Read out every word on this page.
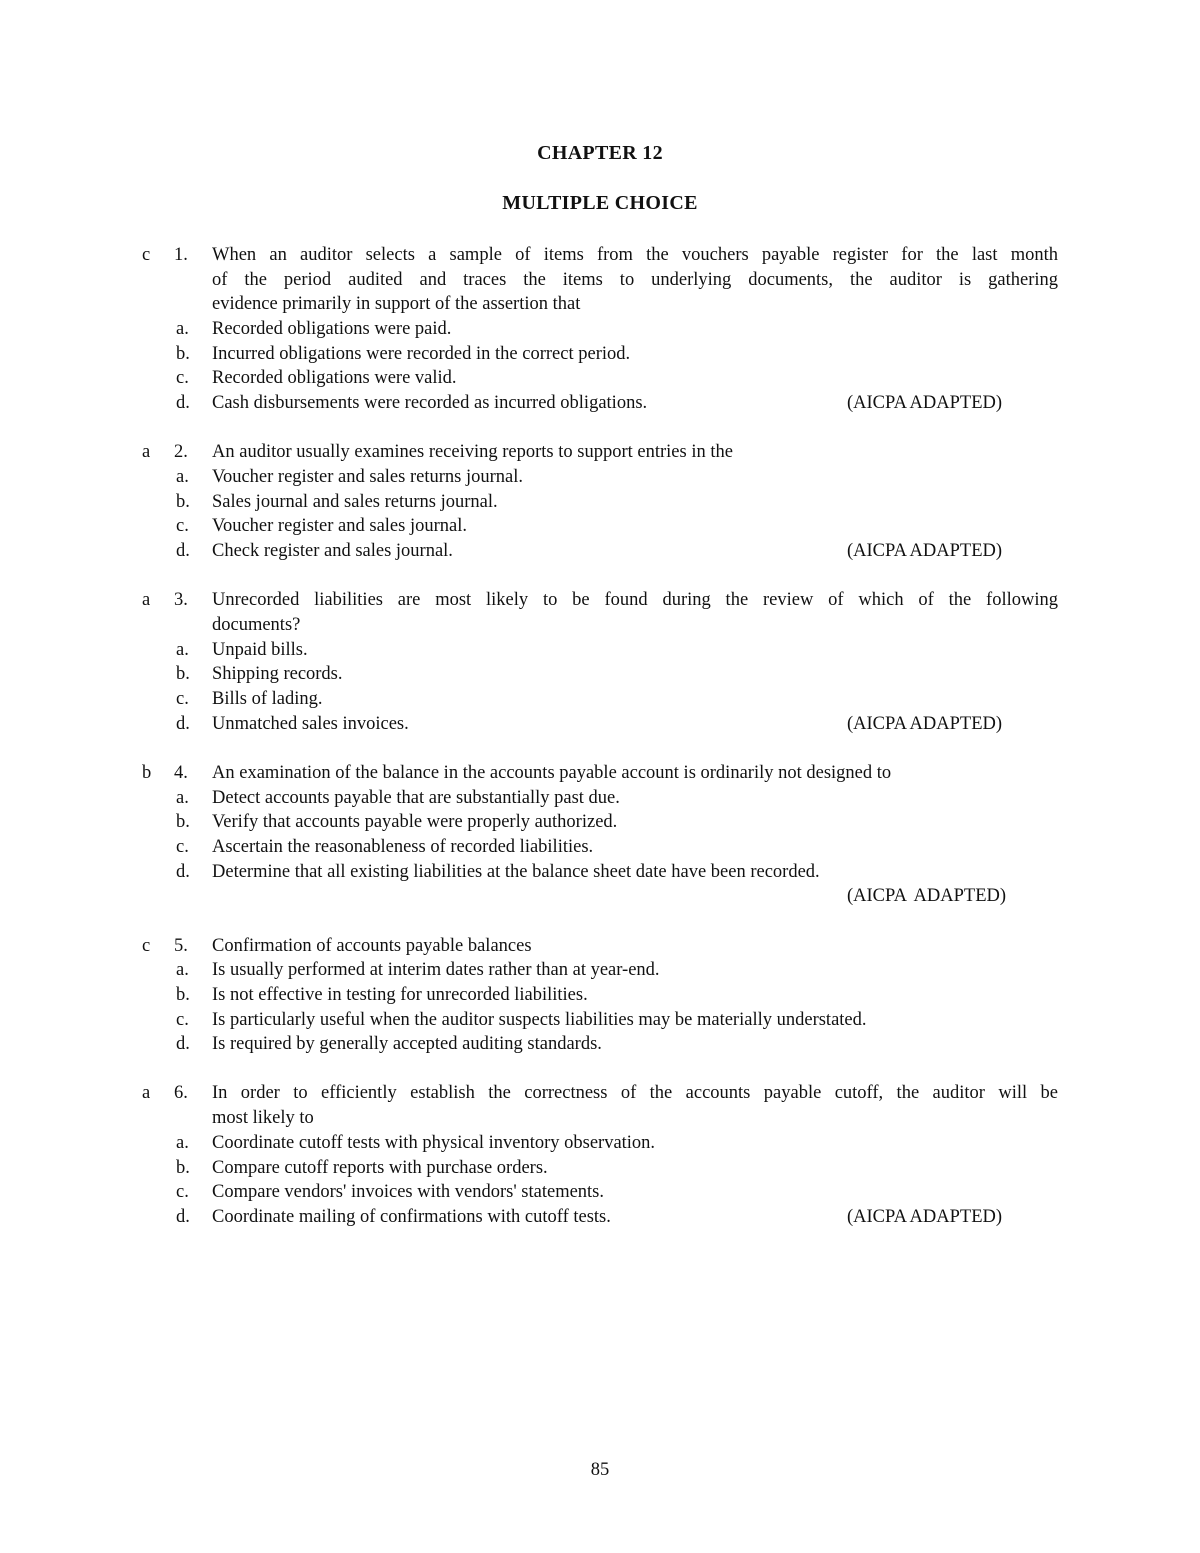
CHAPTER 12
MULTIPLE CHOICE
c 1. When an auditor selects a sample of items from the vouchers payable register for the last month
of the period audited and traces the items to underlying documents, the auditor is gathering
evidence primarily in support of the assertion that
a. Recorded obligations were paid.
b. Incurred obligations were recorded in the correct period.
c. Recorded obligations were valid.
d. Cash disbursements were recorded as incurred obligations.	(AICPA ADAPTED)
a 2. An auditor usually examines receiving reports to support entries in the
a. Voucher register and sales returns journal.
b. Sales journal and sales returns journal.
c. Voucher register and sales journal.
d. Check register and sales journal.	(AICPA ADAPTED)
a 3. Unrecorded liabilities are most likely to be found during the review of which of the following
documents?
a. Unpaid bills.
b. Shipping records.
c. Bills of lading.
d. Unmatched sales invoices.	(AICPA ADAPTED)
b 4. An examination of the balance in the accounts payable account is ordinarily not designed to
a. Detect accounts payable that are substantially past due.
b. Verify that accounts payable were properly authorized.
c. Ascertain the reasonableness of recorded liabilities.
d. Determine that all existing liabilities at the balance sheet date have been recorded.
(AICPA ADAPTED)
c 5. Confirmation of accounts payable balances
a. Is usually performed at interim dates rather than at year-end.
b. Is not effective in testing for unrecorded liabilities.
c. Is particularly useful when the auditor suspects liabilities may be materially understated.
d. Is required by generally accepted auditing standards.
a 6. In order to efficiently establish the correctness of the accounts payable cutoff, the auditor will be
most likely to
a. Coordinate cutoff tests with physical inventory observation.
b. Compare cutoff reports with purchase orders.
c. Compare vendors' invoices with vendors' statements.
d. Coordinate mailing of confirmations with cutoff tests.	(AICPA ADAPTED)
85
